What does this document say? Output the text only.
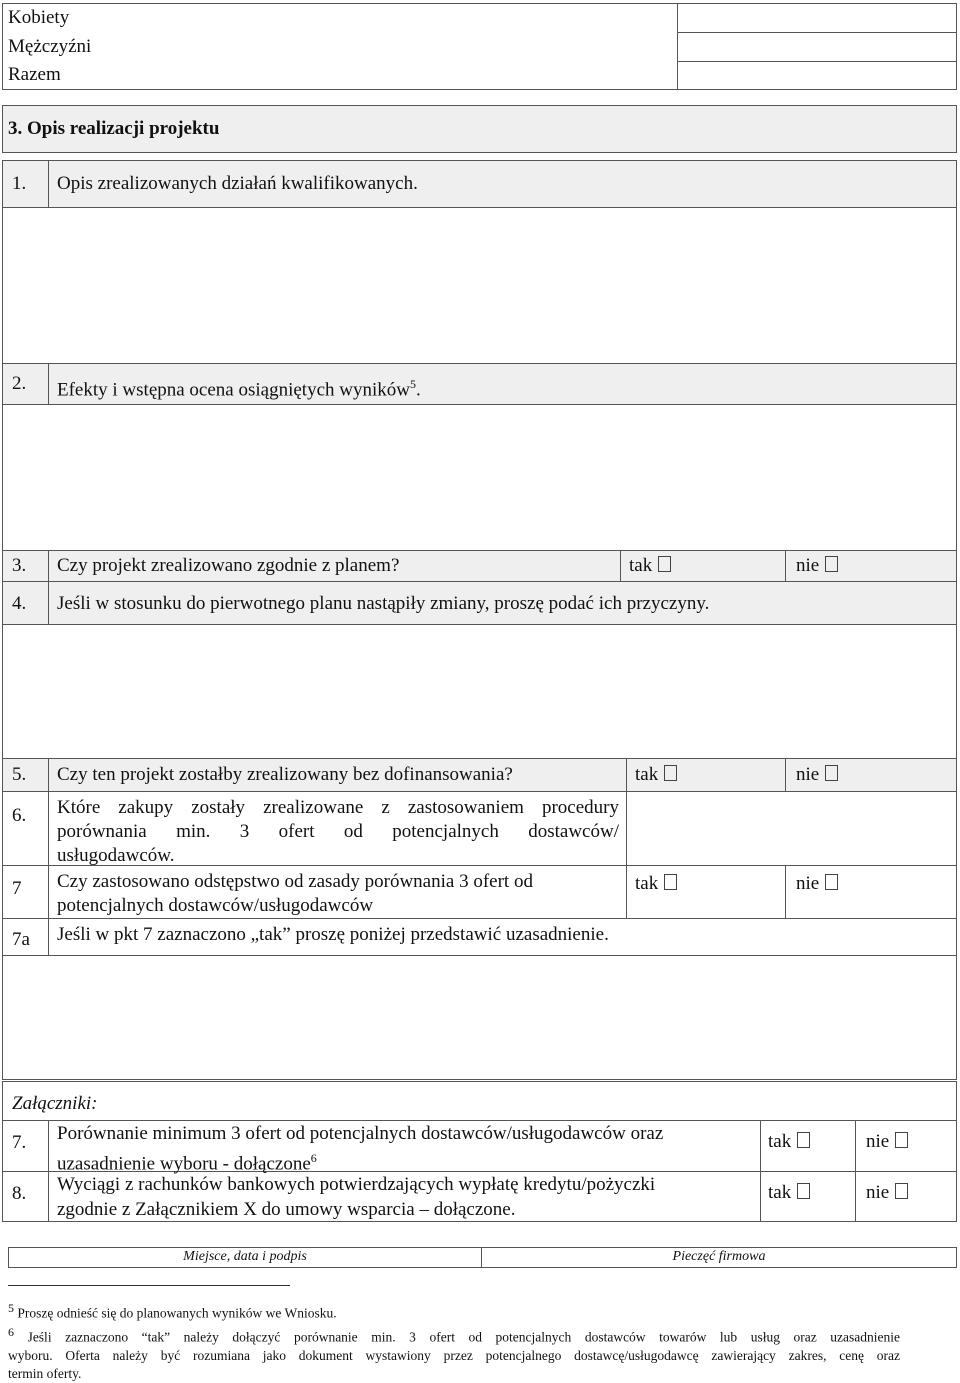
Kobiety
Mężczyźni
Razem
3. Opis realizacji projektu
1. Opis zrealizowanych działań kwalifikowanych.
2. Efekty i wstępna ocena osiągniętych wyników$^5$.
3. Czy projekt zrealizowano zgodnie z planem?	tak	nie
4. Jeśli w stosunku do pierwotnego planu nastąpiły zmiany, proszę podać ich przyczyny.
5. Czy ten projekt zostałby zrealizowany bez dofinansowania?	tak	nie
6. Które zakupy zostały zrealizowane z zastosowaniem procedury
porównania min. 3 ofert od potencjalnych dostawców/
usługodawców.
7 Czy zastosowano odstępstwo od zasady porównania 3 ofert od
potencjalnych dostawców/usługodawców
tak	nie
7a Jeśli w pkt 7 zaznaczono „tak” proszę poniżej przedstawić uzasadnienie.
Załączniki:
7. Porównanie minimum 3 ofert od potencjalnych dostawców/usługodawców oraz
uzasadnienie wyboru - dołączone$^6$
tak	nie
8. Wyciągi z rachunków bankowych potwierdzających wypłatę kredytu/pożyczki
zgodnie z Załącznikiem X do umowy wsparcia – dołączone.
tak	nie
Miejsce, data i podpis	Pieczęć firmowa
$^5$ Proszę odnieść się do planowanych wyników we Wniosku.
$^6$ Jeśli zaznaczono “tak” należy dołączyć porównanie min. 3 ofert od potencjalnych dostawców towarów lub usług oraz uzasadnienie
wyboru. Oferta należy być rozumiana jako dokument wystawiony przez potencjalnego dostawcę/usługodawcę zawierający zakres, cenę oraz
termin oferty.
